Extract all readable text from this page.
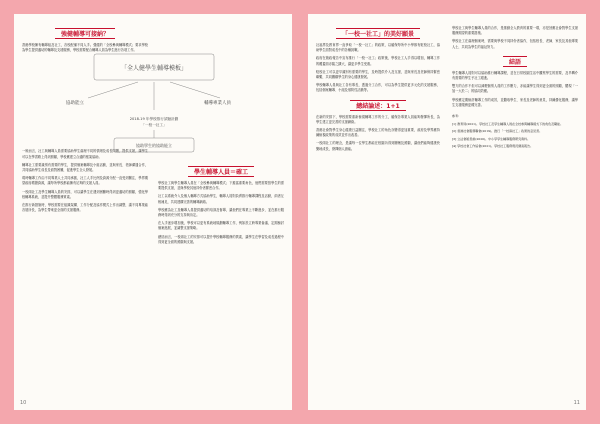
強健輔導可接納？

香港學校擁有輔導組及社工，各校配備不同人手。強健的「全校參與輔導模式」要求學校為學生提供適切的輔導及支援服務，學校需要配合輔導人員為學生進行各項工作。

一般而言，社工與輔導人員需要協助學生處理不同的情緒及成長問題，提供支援，讓學生可以在學習路上得到照顧，學校應建立合適的框架協助。

輔導社工需要識別有需要的學生，提供個案輔導及小組活動，並與家長、老師溝通合作，共同協助學生成長及面對困難，促進學生全人發展。

現時輔導工作由不同專業人士共同承擔，社工人手比例及資源分配一直受到關注，學界期望政府增撥資源，讓每所學校都能擁有足夠的支援人員。

一校兩社工及學生輔導人員的安排，可以讓學生在遇到困難時得到更適切的照顧，強化學校輔導系統，並提升整體服務質素。

在推行新措施時，學校需要在組織架構、工作分配及協作模式上作出調整，讓不同專業能各展所長，為學生帶來更全面的支援服務。

「全人健學生輔導模板」
協助能立	輔導專業人員
2018-19 年學校推行試驗計劃
「一校一社工」
協助學生的協助能立
學生輔導人員＝確工

學校社工與學生輔導人員在「全校參與輔導模式」下擔當重要角色，他們需要按學生的需要提供支援，並與學校其他持份者緊密合作。

社工以系統介入及個人輔導方式協助學生，輔導人員則負責推行輔導課程及活動，兩者互相補足，共同建構完善的輔導網絡。

學校應為社工及輔導人員提供適切的培訓及督導，讓他們在專業上不斷進步，並在推行服務時得到充分的支持與肯定。

在人手逐步增加後，學校可以更有系統地規劃輔導工作，例如設立跨專業會議，定期檢討個案進展，並調整支援策略。

總括而言，一校兩社工的安排可以提升學校輔導服務的質素，讓學生在學習及成長過程中得到更全面的照顧與支援。

10
「一校一社工」的美好願景

社福界及教育界一直爭取「一校一社工」的政策，以確保每所中小學都有駐校社工，協助學生面對成長中的各種挑戰。

政府在施政報告中宣布推行「一校一社工」政策後，學校社工人手得以增加，輔導工作的覆蓋面亦隨之擴大，讓更多學生受惠。

駐校社工可以更早識別有需要的學生，及時提供介入及支援，並與家長及老師保持緊密聯繫，共同關顧學生的身心健康發展。

學校輔導人員與社工各有專長，透過分工合作，可以為學生提供更多元化的支援服務，包括個案輔導、小組及預防性活動等。

總結論述：1+1

在新的安排下，學校需要重新檢視輔導工作的分工，確保各專業人員能夠發揮所長，為學生建立更完善的支援網絡。

香港社會對學生身心健康日益關注，學校社工的角色亦變得更加重要，政府及學界應持續檢視政策的成效並作出改善。

一校兩社工的理念，是讓每一位學生都能在校園內得到關懷及照顧，讓他們能夠健康快樂地成長，發揮個人潛能。

學校社工與學生輔導人員的合作，是推動全人教育的重要一環，亦是回應社會對學生支援服務期望的重要措施。

學校社工在處理個案時，需要與學校不同持份者協作，包括校長、老師、家長及其他專業人士，共同為學生的福祉努力。

結語

學生輔導人員則可以協助推行輔導課程，並在日常校園生活中觀察學生的需要，及早轉介有需要的學生予社工跟進。

雙方的合作不但可以減輕個別人員的工作壓力，亦能讓學生得到更全面的照顧，體現「一加一大於二」的協同效應。

學校應定期檢討輔導工作的成效，並聽取學生、家長及老師的意見，持續優化服務，讓學生支援服務更臻完善。

參考：

[1] 教育局(2021)。學校社工及學生輔導人員在全校參與輔導模式下的角色及職能。

[2] 香港社會服務聯會(2019)。推行「一校兩社工」政策的意見書。

[3] 立法會秘書處(2020)。中小學學生輔導服務研究資料。

[4] 學校社會工作協會(2021)。學校社工服務現況調查報告。

11
